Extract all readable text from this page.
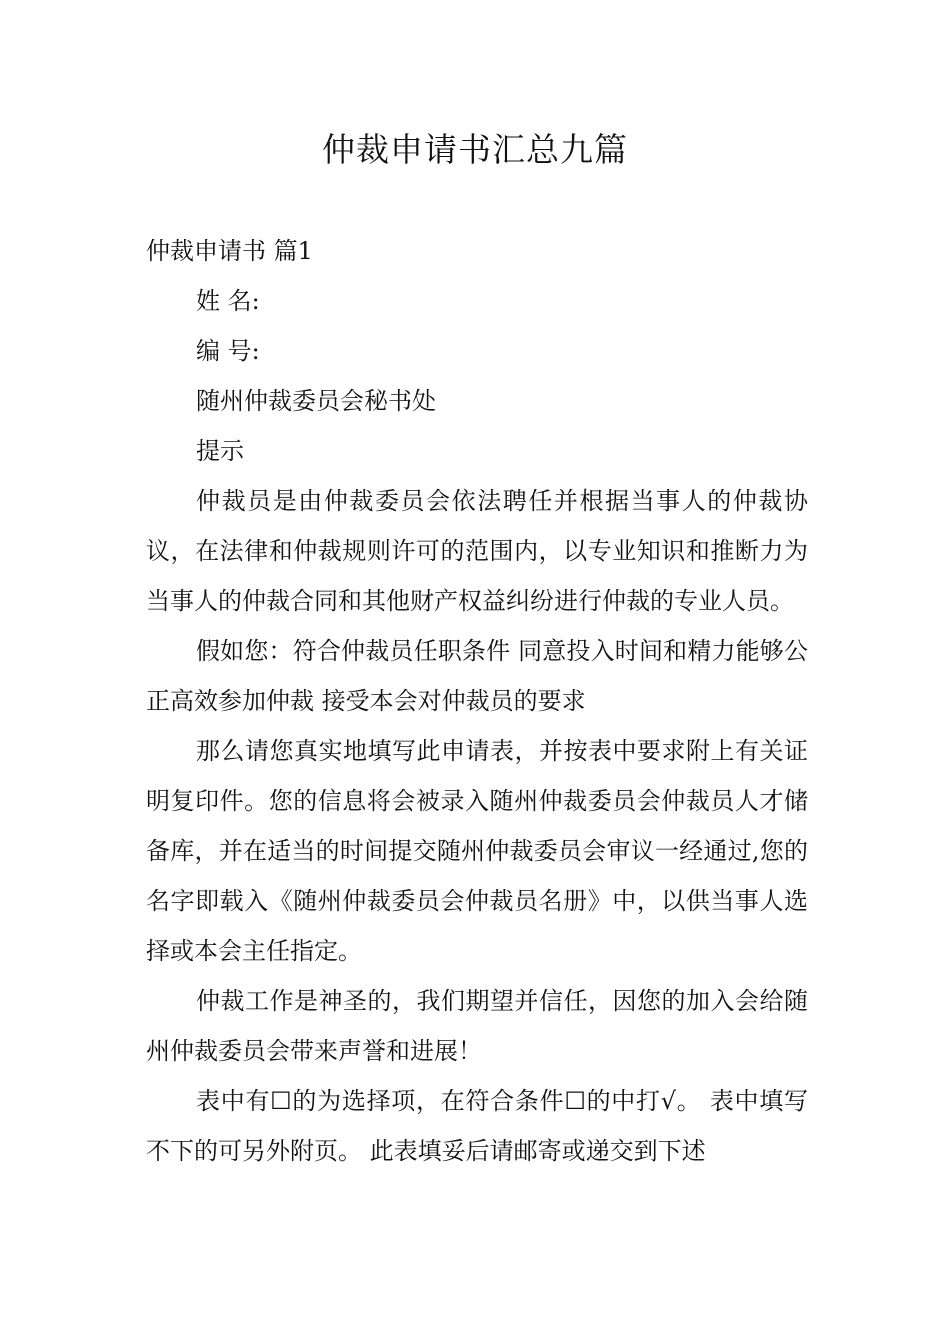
仲裁申请书汇总九篇

仲裁申请书 篇1

姓 名:

编 号:

随州仲裁委员会秘书处

提示

仲裁员是由仲裁委员会依法聘任并根据当事人的仲裁协议，在法律和仲裁规则许可的范围内，以专业知识和推断力为当事人的仲裁合同和其他财产权益纠纷进行仲裁的专业人员。

假如您：符合仲裁员任职条件 同意投入时间和精力能够公正高效参加仲裁 接受本会对仲裁员的要求

那么请您真实地填写此申请表，并按表中要求附上有关证明复印件。您的信息将会被录入随州仲裁委员会仲裁员人才储备库，并在适当的时间提交随州仲裁委员会审议一经通过,您的名字即载入《随州仲裁委员会仲裁员名册》中，以供当事人选择或本会主任指定。

仲裁工作是神圣的，我们期望并信任，因您的加入会给随州仲裁委员会带来声誉和进展！

表中有☐的为选择项，在符合条件☐的中打√。 表中填写不下的可另外附页。 此表填妥后请邮寄或递交到下述
